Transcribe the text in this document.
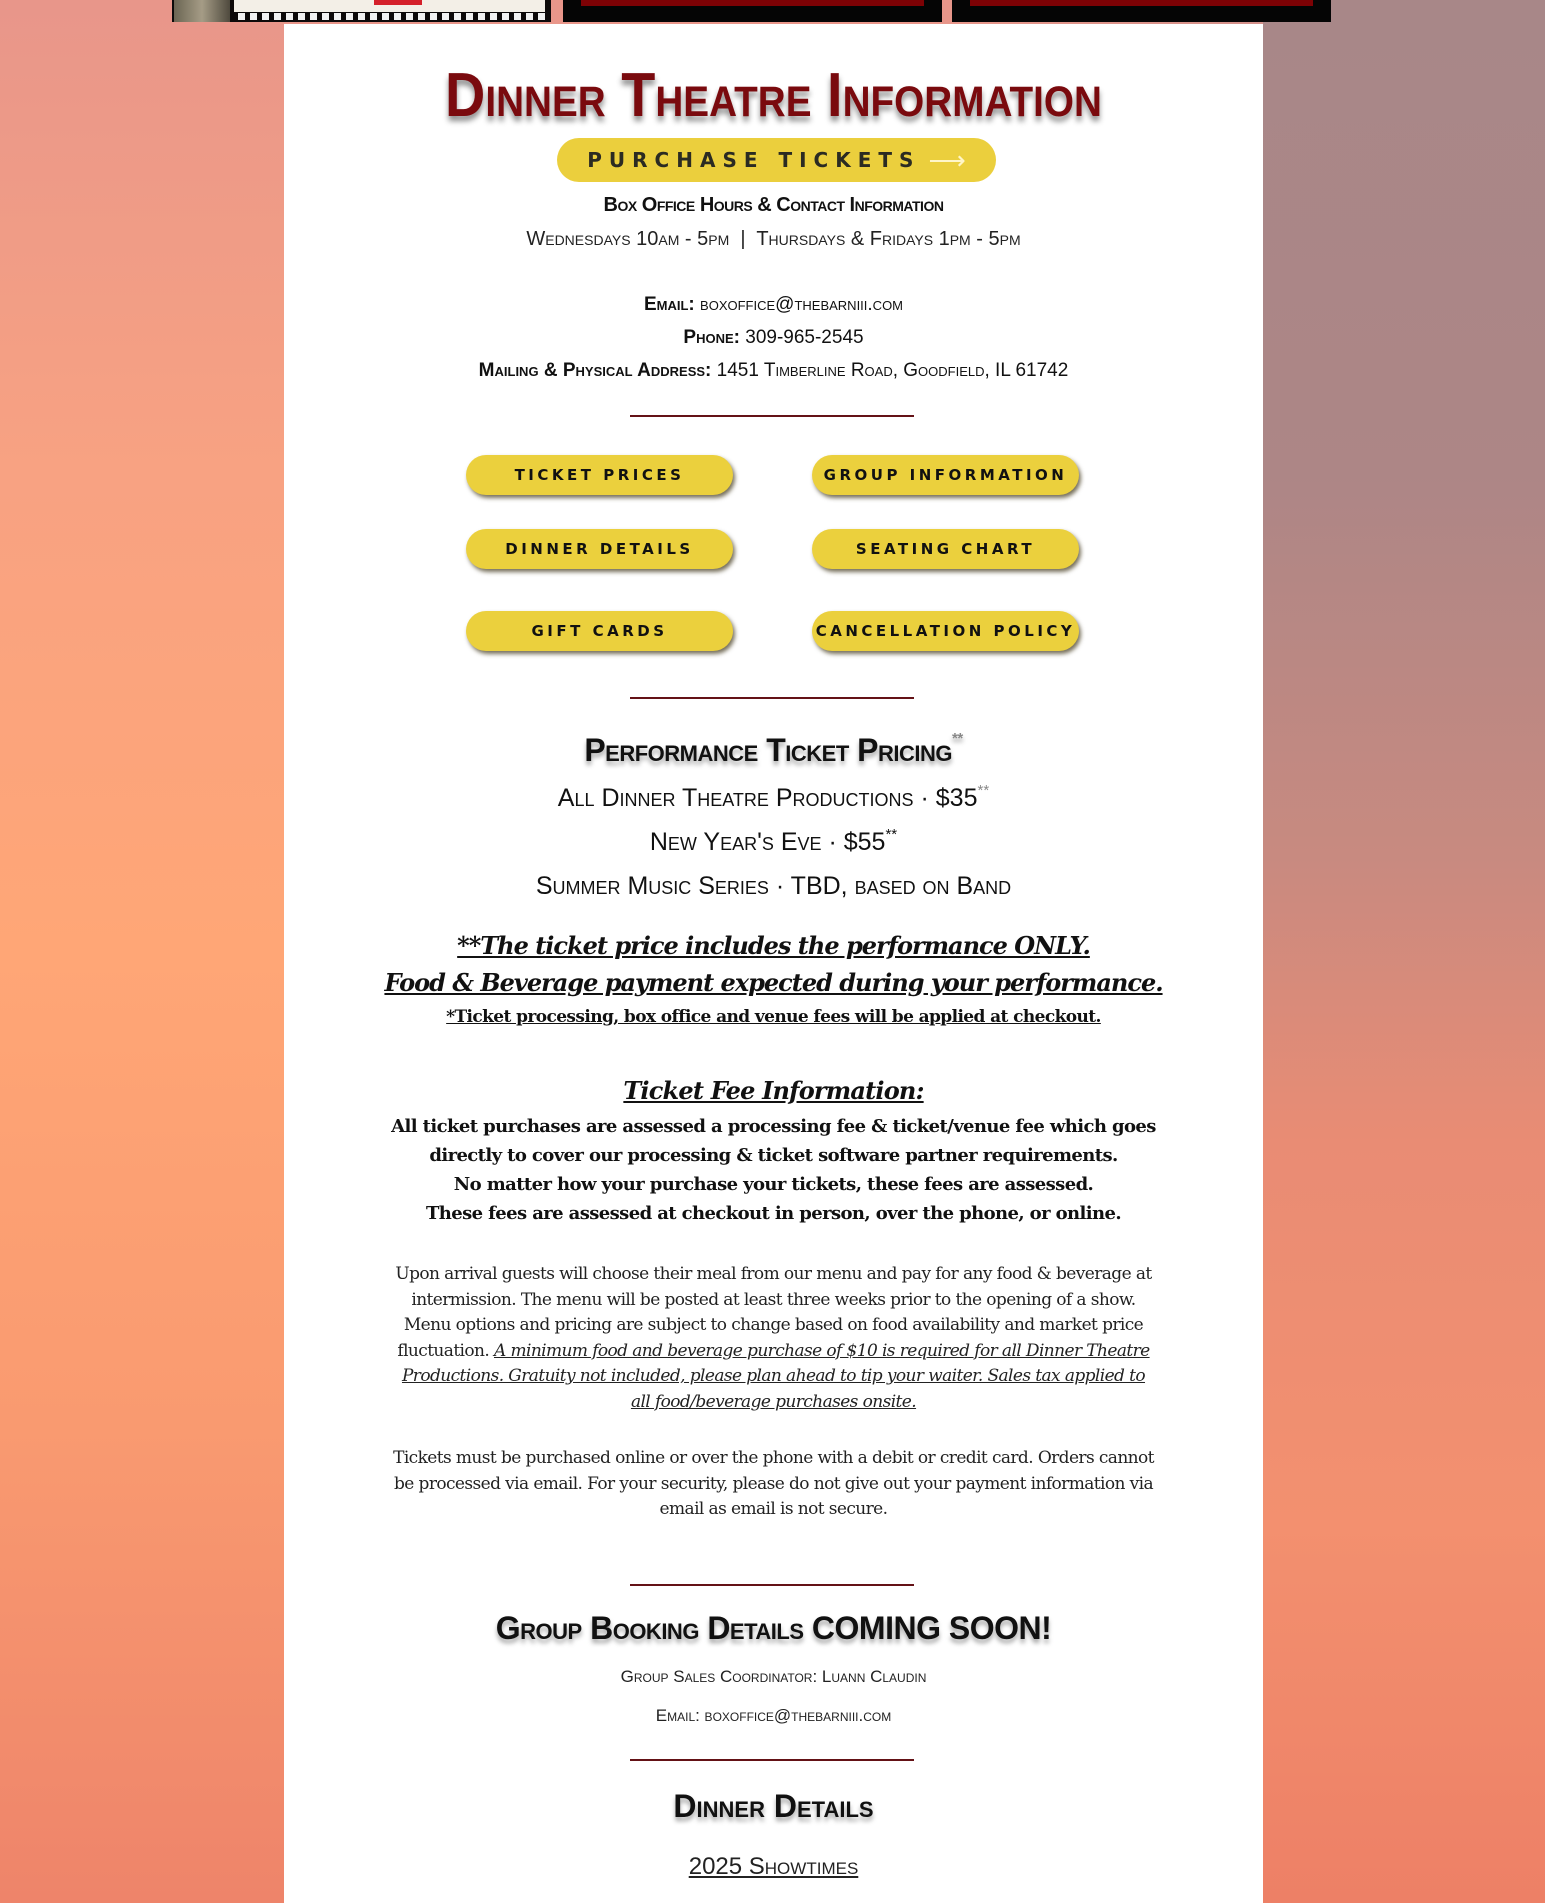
Dinner Theatre Information
PURCHASE TICKETS ⟶
Box Office Hours & Contact Information
Wednesdays 10am - 5pm  |  Thursdays & Fridays 1pm - 5pm
Email: boxoffice@thebarniii.com
Phone: 309-965-2545
Mailing & Physical Address: 1451 Timberline Road, Goodfield, IL 61742
TICKET PRICES	GROUP INFORMATION
DINNER DETAILS	SEATING CHART
GIFT CARDS	CANCELLATION POLICY
Performance Ticket Pricing**
All Dinner Theatre Productions · $35**
New Year's Eve · $55**
Summer Music Series · TBD, based on Band
**The ticket price includes the performance ONLY.
Food & Beverage payment expected during your performance.
*Ticket processing, box office and venue fees will be applied at checkout.
Ticket Fee Information:
All ticket purchases are assessed a processing fee & ticket/venue fee which goes
directly to cover our processing & ticket software partner requirements.
No matter how your purchase your tickets, these fees are assessed.
These fees are assessed at checkout in person, over the phone, or online.
Upon arrival guests will choose their meal from our menu and pay for any food & beverage at intermission. The menu will be posted at least three weeks prior to the opening of a show. Menu options and pricing are subject to change based on food availability and market price fluctuation. A minimum food and beverage purchase of $10 is required for all Dinner Theatre Productions. Gratuity not included, please plan ahead to tip your waiter. Sales tax applied to all food/beverage purchases onsite.
Tickets must be purchased online or over the phone with a debit or credit card. Orders cannot be processed via email. For your security, please do not give out your payment information via email as email is not secure.
Group Booking Details COMING SOON!
Group Sales Coordinator: Luann Claudin
Email: boxoffice@thebarniii.com
Dinner Details
2025 Showtimes
